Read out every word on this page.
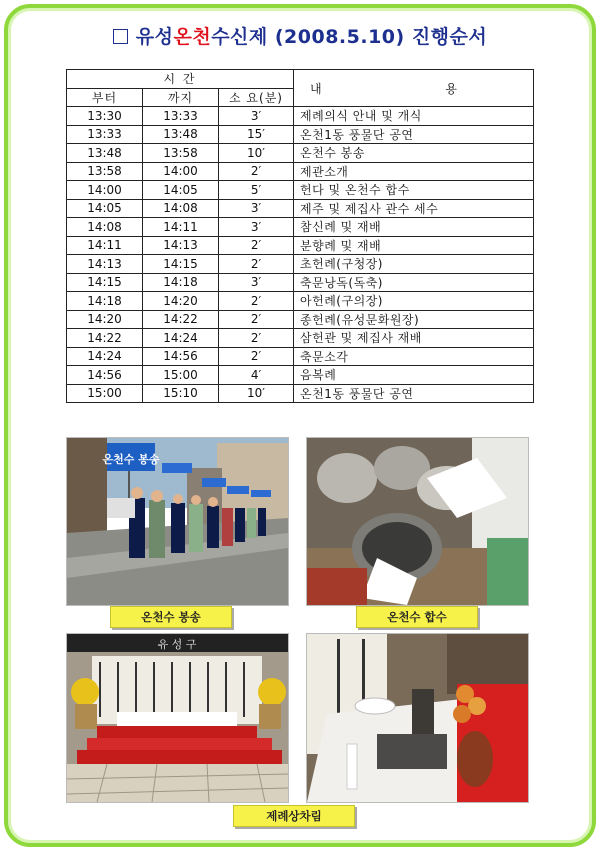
유성온천수신제 (2008.5.10) 진행순서
시 간			내 용
부터	까지	소 요(분)	
13:30	13:33	3′	제례의식 안내 및 개식
13:33	13:48	15′	온천1동 풍물단 공연
13:48	13:58	10′	온천수 봉송
13:58	14:00	2′	제관소개
14:00	14:05	5′	헌다 및 온천수 합수
14:05	14:08	3′	제주 및 제집사 관수 세수
14:08	14:11	3′	참신례 및 재배
14:11	14:13	2′	분향례 및 재배
14:13	14:15	2′	초헌례(구청장)
14:15	14:18	3′	축문낭독(독축)
14:18	14:20	2′	아헌례(구의장)
14:20	14:22	2′	종헌례(유성문화원장)
14:22	14:24	2′	삼헌관 및 제집사 재배
14:24	14:56	2′	축문소각
14:56	15:00	4′	음복례
15:00	15:10	10′	온천1동 풍물단 공연
온천수 봉송
온천수 봉송	온천수 합수
유 성 구
제례상차림
